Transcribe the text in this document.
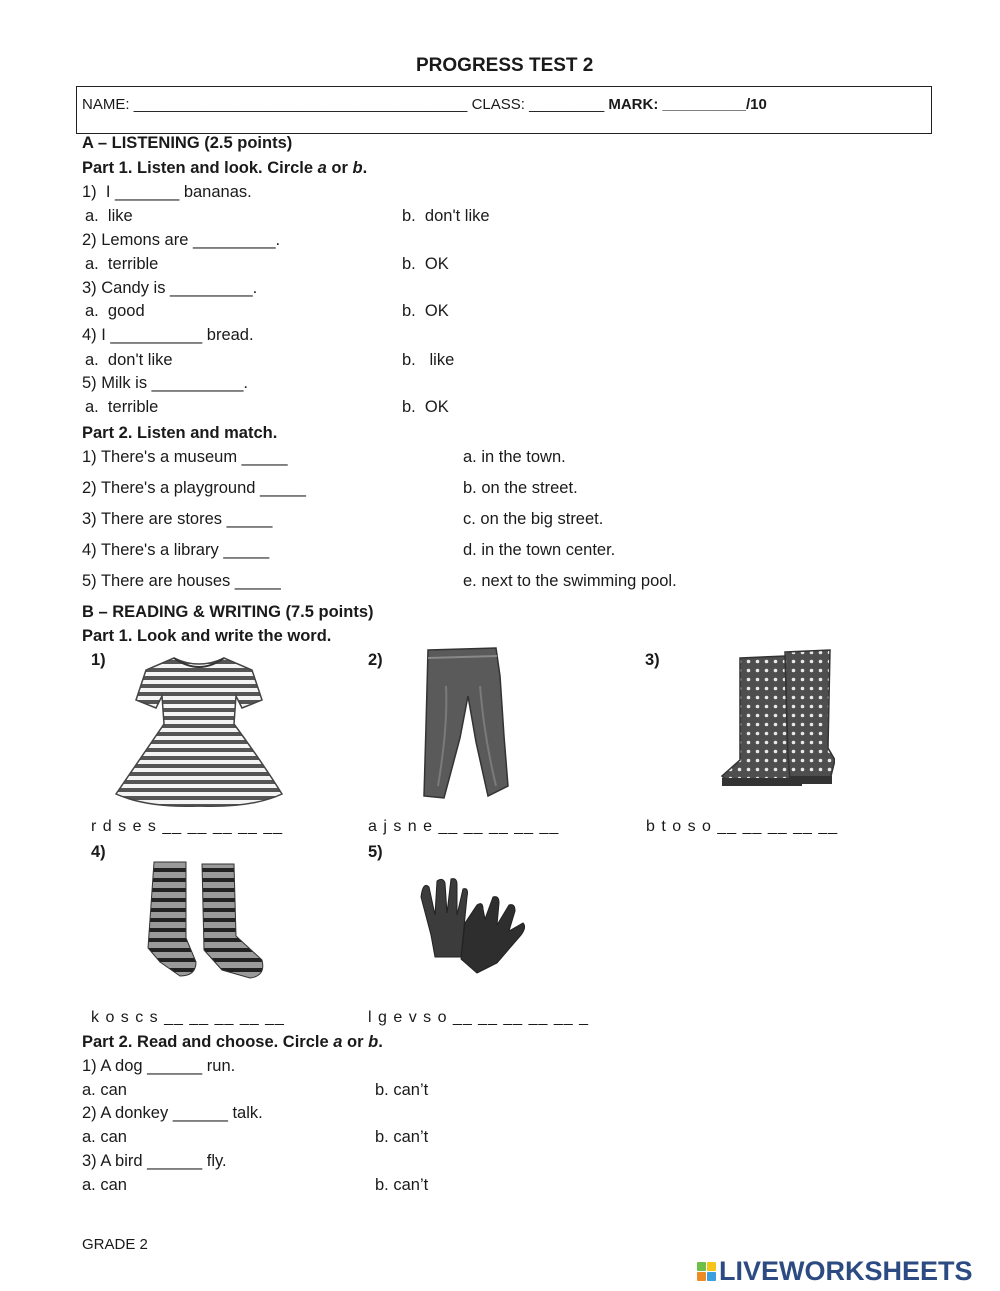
PROGRESS TEST 2
NAME: ________________________________________ CLASS: _________ MARK: __________/10
A – LISTENING (2.5 points)
Part 1. Listen and look. Circle a or b.
1)  I _______ bananas.
a.  like	b.  don't like
2) Lemons are _________.
a.  terrible	b.  OK
3) Candy is _________.
a.  good	b.  OK
4) I __________ bread.
a.  don't like	b.   like
5) Milk is __________.
a.  terrible	b.  OK
Part 2. Listen and match.
1) There's a museum _____	a. in the town.
2) There's a playground _____	b. on the street.
3) There are stores _____	c. on the big street.
4) There's a library _____	d. in the town center.
5) There are houses _____	e. next to the swimming pool.
B – READING & WRITING (7.5 points)
Part 1. Look and write the word.
1)	2)	3)
r d s e s __ __ __ __ __	a j s n e __ __ __ __ __	b t o s o __ __ __ __ __
4)	5)
k o s c s __ __ __ __ __	l g e v s o __ __ __ __ __ _
Part 2. Read and choose. Circle a or b.
1) A dog ______ run.
a. can	b. can’t
2) A donkey ______ talk.
a. can	b. can’t
3) A bird ______ fly.
a. can	b. can’t
GRADE 2
LIVEWORKSHEETS
